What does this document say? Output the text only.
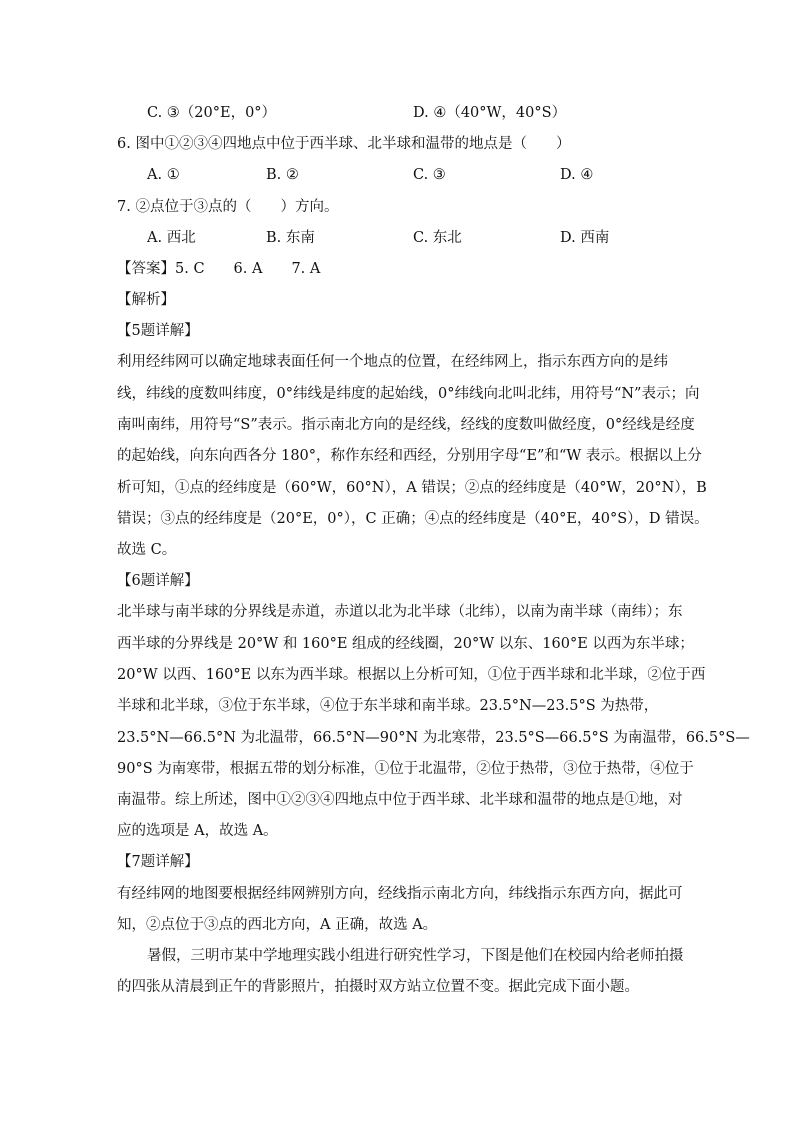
C. ③（20°E，0°）	D. ④（40°W，40°S）
6. 图中①②③④四地点中位于西半球、北半球和温带的地点是（　　）
A. ①	B. ②	C. ③	D. ④
7. ②点位于③点的（　　）方向。
A. 西北	B. 东南	C. 东北	D. 西南
【答案】5. C　　6. A　　7. A
【解析】
【5题详解】
利用经纬网可以确定地球表面任何一个地点的位置，在经纬网上，指示东西方向的是纬
线，纬线的度数叫纬度，0°纬线是纬度的起始线，0°纬线向北叫北纬，用符号“N”表示；向
南叫南纬，用符号“S”表示。指示南北方向的是经线，经线的度数叫做经度，0°经线是经度
的起始线，向东向西各分 180°，称作东经和西经，分别用字母“E”和“W 表示。根据以上分
析可知，①点的经纬度是（60°W，60°N），A 错误；②点的经纬度是（40°W，20°N），B
错误；③点的经纬度是（20°E，0°），C 正确；④点的经纬度是（40°E，40°S），D 错误。
故选 C。
【6题详解】
北半球与南半球的分界线是赤道，赤道以北为北半球（北纬），以南为南半球（南纬）；东
西半球的分界线是 20°W 和 160°E 组成的经线圈，20°W 以东、160°E 以西为东半球；
20°W 以西、160°E 以东为西半球。根据以上分析可知，①位于西半球和北半球，②位于西
半球和北半球，③位于东半球，④位于东半球和南半球。23.5°N—23.5°S 为热带，
23.5°N—66.5°N 为北温带，66.5°N—90°N 为北寒带，23.5°S—66.5°S 为南温带，66.5°S—
90°S 为南寒带，根据五带的划分标准，①位于北温带，②位于热带，③位于热带，④位于
南温带。综上所述，图中①②③④四地点中位于西半球、北半球和温带的地点是①地，对
应的选项是 A，故选 A。
【7题详解】
有经纬网的地图要根据经纬网辨别方向，经线指示南北方向，纬线指示东西方向，据此可
知，②点位于③点的西北方向，A 正确，故选 A。
暑假，三明市某中学地理实践小组进行研究性学习，下图是他们在校园内给老师拍摄
的四张从清晨到正午的背影照片，拍摄时双方站立位置不变。据此完成下面小题。
